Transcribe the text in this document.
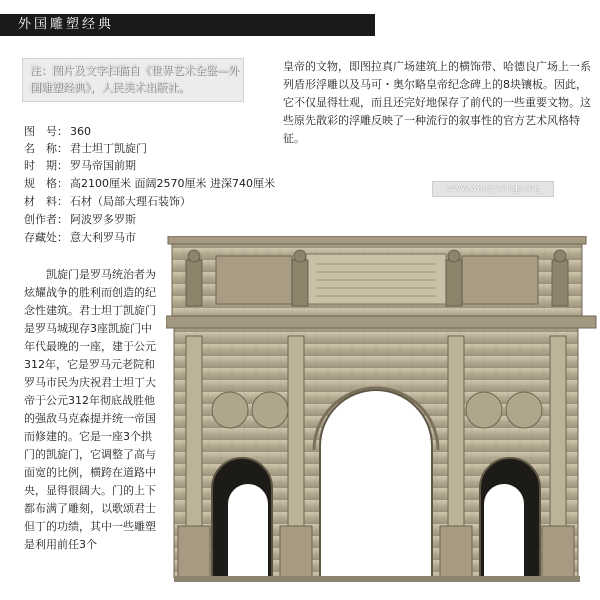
外国雕塑经典
注：图片及文字扫描自《世界艺术全鉴—外国雕塑经典》，人民美术出版社。
皇帝的文物，即图拉真广场建筑上的横饰带、哈德良广场上一系列盾形浮雕以及马可・奥尔略皇帝纪念碑上的8块镶板。因此，它不仅显得壮观，而且还完好地保存了前代的一些重要文物。这些原先散彩的浮雕反映了一种流行的叙事性的官方艺术风格特征。
www.windywings.org
图　号： 360
名　称： 君士坦丁凯旋门
时　期： 罗马帝国前期
规　格： 高2100厘米 面阔2570厘米 进深740厘米
材　料： 石材（局部大理石装饰）
创作者： 阿波罗多罗斯
存藏处： 意大利罗马市
　　凯旋门是罗马统治者为炫耀战争的胜利而创造的纪念性建筑。君士坦丁凯旋门是罗马城现存3座凯旋门中年代最晚的一座，建于公元312年，它是罗马元老院和罗马市民为庆祝君士坦丁大帝于公元312年彻底战胜他的强敌马克森提并统一帝国而修建的。它是一座3个拱门的凯旋门，它调整了高与面宽的比例，横跨在道路中央，显得很阔大。门的上下都布满了雕刻，以歌颂君士但丁的功绩，其中一些雕塑是利用前任3个
